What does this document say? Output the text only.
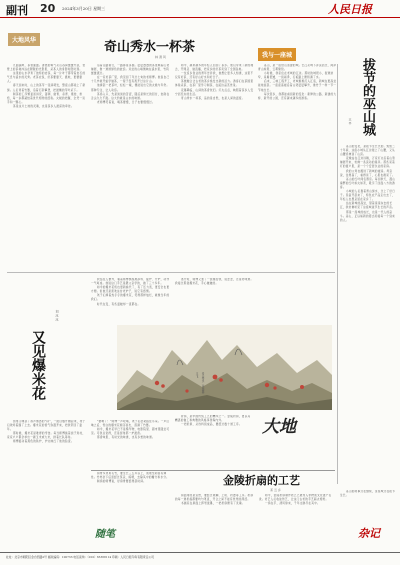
副刊 20 2024年3月20日 星期三	人民日报
大地风华	奇山秀水一杯茶
林 清 风

九曲溪畔，茶香氤氲。清晨的雾气从山谷间缓缓升起，岩壁上的茶树沐浴在朦胧的光影里，采茶人的身影时隐时现。

这里的山水孕育了独特的岩茶，每一片叶子都带着岩石的气息与溪水的灵秀。老茶农说，好茶要靠天、靠地，更要靠人。

春天到来时，山上的茶芽一夜间萌发，整座山都染上了新绿。人们背着竹篓，沿着石阶攀登，把最嫩的芽叶采下。

制茶的工序繁复而讲究，萎凋、做青、杀青、揉捻、烘焙，每一步都凝结着世代相传的经验。火候的把握，全凭一双手和一颗心。

茶是这片土地的灵魂，也是茶乡人最深的牵挂。

沿着山路前行，一路都是茶园。层层叠叠的茶垄顺着山势铺展，像一道道绿色的波浪。远处的山峰倒映在溪水里，竹筏缓缓漂过。

在一家老茶厂里，我见到了年过七旬的老师傅。他说自己十几岁就开始学做茶，一辈子没有离开过这片山。

他捧起一把茶叶，轻轻一嗅，便能说出它的火候与年份。那种专注，让人动容。

茶汤入口，先是淡淡的苦涩，随后是绵长的回甘，岩韵在舌尖久久不散。这大约就是山水的味道。

老师傅笑着说，喝茶要慢，日子也要慢慢过。

如今，越来越多的年轻人回到了茶乡。他们带来了新的理念，开网店、做直播，把家乡的好茶卖到了全国各地。

一位返乡创业的青年告诉我，他想让更多人知道，这里不仅有好茶，还有好山好水和好日子。

茶旅融合让古老的茶乡焕发出新的活力。游客们在茶园里体验采茶，在茶厂里学习制茶，在溪边品茗赏景。

夜幕降临，山间的茶香依旧。灯火点点，映照着茶乡人安宁而充实的生活。

奇山秀水一杯茶，品的是自然，也是人间的温度。

我与一座城

巫山，是一座依山而建的城。长江从城下奔流而过，两岸青山如黛，云雾缭绕。

小时候，我家住在老城的江边。那时的城很小，街道狭窄，房屋低矮，一到雨季，石板路上便积满了水。

后来，三峡工程开工，老城渐渐沉入江底，新城在更高处拔地而起。一座座高楼沿着山势层层攀升，像竹子一样一节一节地生长。

每次回乡，我都能看到新的变化：新修的公路、新建的大桥、新开的公园，还有越来越多的游客。	拔节的巫山城
王 平

巫山的变化，是拔节生长式的。短短二十年间，这座小城从江边爬上了山腰，又从山腰延伸到了山顶。

夜晚站在江边远眺，万家灯火沿着山势铺展开来，仿佛一条流动的星河。那些亮着灯的窗户里，是一个个安居乐业的家庭。

我的父母也搬进了新城的楼房。母亲说，住得高了，看得远了，心里也敞亮了。

巫山的红叶闻名遐迩。每到秋天，漫山遍野的红叶如火如荼，吸引了四面八方的游客。

小城的人们靠着青山绿水，过上了好日子。民宿开起来了，特色农产品走出去了，年轻人也愿意留在家乡了。

站在新城的高处，望着滚滚东去的长江，我仿佛听见了这座城拔节生长的声音。

那是一座城的成长，也是一代人的奋斗。巫山，正以崭新的姿态迎接每一个到来的人。

又见爆米花
刘 冰 冰

街角又响起了那声熟悉的"砰"，一团白烟升腾起来，孩子们欢呼着围了上去。爆米花的香气弥漫开来，把我带回了童年。

那时候，爆米花是难得的零食。每当师傅挑着担子进村，家家户户都会拿出一碗玉米或大米，排着长队等待。

师傅摇动着黑色的铁炉，炉火映红了他的脸庞。

"要响了！"师傅一声吆喝，孩子们赶紧捂住耳朵。一声巨响之后，雪白的爆米花倾泻而出，落满了竹篓。

如今，爆米花早已不是稀罕物，电影院里、超市里随处可见。可我总觉得，还是街角那一炉最香。

那香味里，有时光的味道，也有乡愁的味道。

我站在人群外，看着师傅熟练地添料、摇炉、开炉，动作一气呵成。他说这门手艺是跟父亲学的，做了三十多年。

如今的爆米花机也更新换代了，有了压力表，更安全也更方便。但他还是喜欢这台老炉子，说它有感情。

孩子们捧着热乎乎的爆米花，笑得那样灿烂，就像当年的我们。

时代在变，有些温暖却一直都在。

离开时，师傅又装了一袋塞给我，说尝尝，还是老味道。我接过那袋爆米花，手心暖暖的。

奇山秀水（中国画）
王 飞
大地

折扇，是中国传统工艺的精华之一。金陵折扇，更以其精湛的做工和典雅的风格享誉海内外。

一把折扇，从选料到成品，要经过数十道工序。

金陵折扇的工艺
邓 云 乡

扇骨多选用毛竹，要生长三五年以上，质地坚韧而有弹性。竹材砍下后需经过蒸煮、晾晒，去除其中的糖分和水分。

制扇的师傅说，好扇骨要经得起时间。

扇面用的是宣纸，要经过裱糊、上矾、折叠等工序。折扇的每一道折痕都要均匀笔直，开合之间不能有丝毫的滞涩。

书画家在扇面上挥毫泼墨，一把折扇便有了灵魂。

如今，金陵折扇制作技艺已被列入非物质文化遗产名录。老艺人们收徒传艺，让这门古老的手艺薪火相传。

一扇在手，清风徐来，千年文脉尽在其中。

随笔	杂记

巫山的故事还在继续，这座城还在拔节生长。

社址：北京市朝阳区金台西路2号 邮政编码：100733 电话查询：（010）65368114 印刷：人民日报印务有限责任公司
